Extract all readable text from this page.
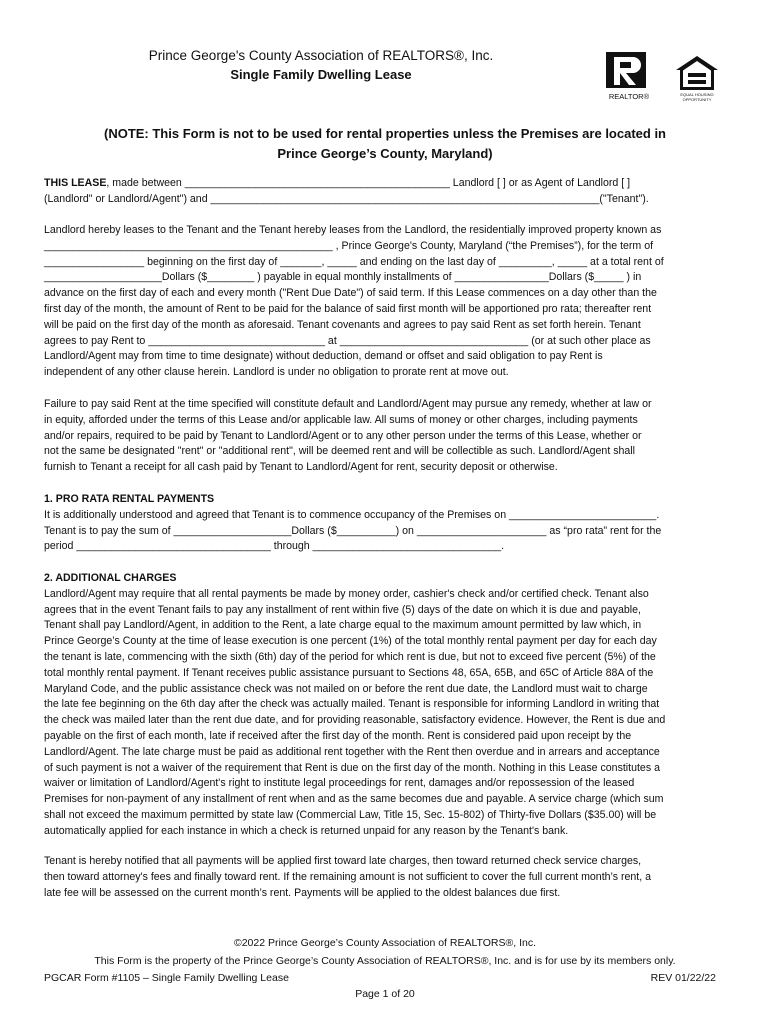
Prince George's County Association of REALTORS®, Inc.
Single Family Dwelling Lease
REALTOR®	EQUAL HOUSING
OPPORTUNITY
(NOTE: This Form is not to be used for rental properties unless the Premises are located in
Prince George’s County, Maryland)

THIS LEASE, made between _____________________________________________ Landlord [ ] or as Agent of Landlord [ ]

(Landlord" or Landlord/Agent") and __________________________________________________________________("Tenant").

Landlord hereby leases to the Tenant and the Tenant hereby leases from the Landlord, the residentially improved property known as

_________________________________________________ , Prince George's County, Maryland (“the Premises”), for the term of

_________________ beginning on the first day of _______, _____ and ending on the last day of _________, _____ at a total rent of

____________________Dollars ($________ ) payable in equal monthly installments of ________________Dollars ($_____ ) in

advance on the first day of each and every month ("Rent Due Date") of said term. If this Lease commences on a day other than the

first day of the month, the amount of Rent to be paid for the balance of said first month will be apportioned pro rata; thereafter rent

will be paid on the first day of the month as aforesaid. Tenant covenants and agrees to pay said Rent as set forth herein. Tenant

agrees to pay Rent to ______________________________ at ________________________________ (or at such other place as

Landlord/Agent may from time to time designate) without deduction, demand or offset and said obligation to pay Rent is

independent of any other clause herein. Landlord is under no obligation to prorate rent at move out.

Failure to pay said Rent at the time specified will constitute default and Landlord/Agent may pursue any remedy, whether at law or

in equity, afforded under the terms of this Lease and/or applicable law. All sums of money or other charges, including payments

and/or repairs, required to be paid by Tenant to Landlord/Agent or to any other person under the terms of this Lease, whether or

not the same be designated "rent" or "additional rent", will be deemed rent and will be collectible as such. Landlord/Agent shall

furnish to Tenant a receipt for all cash paid by Tenant to Landlord/Agent for rent, security deposit or otherwise.

1. PRO RATA RENTAL PAYMENTS

It is additionally understood and agreed that Tenant is to commence occupancy of the Premises on _________________________.

Tenant is to pay the sum of ____________________Dollars ($__________) on ______________________ as “pro rata” rent for the

period _________________________________ through ________________________________.

2. ADDITIONAL CHARGES

Landlord/Agent may require that all rental payments be made by money order, cashier's check and/or certified check. Tenant also

agrees that in the event Tenant fails to pay any installment of rent within five (5) days of the date on which it is due and payable,

Tenant shall pay Landlord/Agent, in addition to the Rent, a late charge equal to the maximum amount permitted by law which, in

Prince George’s County at the time of lease execution is one percent (1%) of the total monthly rental payment per day for each day

the tenant is late, commencing with the sixth (6th) day of the period for which rent is due, but not to exceed five percent (5%) of the

total monthly rental payment. If Tenant receives public assistance pursuant to Sections 48, 65A, 65B, and 65C of Article 88A of the

Maryland Code, and the public assistance check was not mailed on or before the rent due date, the Landlord must wait to charge

the late fee beginning on the 6th day after the check was actually mailed. Tenant is responsible for informing Landlord in writing that

the check was mailed later than the rent due date, and for providing reasonable, satisfactory evidence. However, the Rent is due and

payable on the first of each month, late if received after the first day of the month. Rent is considered paid upon receipt by the

Landlord/Agent. The late charge must be paid as additional rent together with the Rent then overdue and in arrears and acceptance

of such payment is not a waiver of the requirement that Rent is due on the first day of the month. Nothing in this Lease constitutes a

waiver or limitation of Landlord/Agent's right to institute legal proceedings for rent, damages and/or repossession of the leased

Premises for non-payment of any installment of rent when and as the same becomes due and payable. A service charge (which sum

shall not exceed the maximum permitted by state law (Commercial Law, Title 15, Sec. 15-802) of Thirty-five Dollars ($35.00) will be

automatically applied for each instance in which a check is returned unpaid for any reason by the Tenant's bank.

Tenant is hereby notified that all payments will be applied first toward late charges, then toward returned check service charges,

then toward attorney's fees and finally toward rent. If the remaining amount is not sufficient to cover the full current month’s rent, a

late fee will be assessed on the current month’s rent. Payments will be applied to the oldest balances due first.

©2022 Prince George’s County Association of REALTORS®, Inc.
This Form is the property of the Prince George’s County Association of REALTORS®, Inc. and is for use by its members only.
PGCAR Form #1105 – Single Family Dwelling Lease	REV 01/22/22
Page 1 of 20
